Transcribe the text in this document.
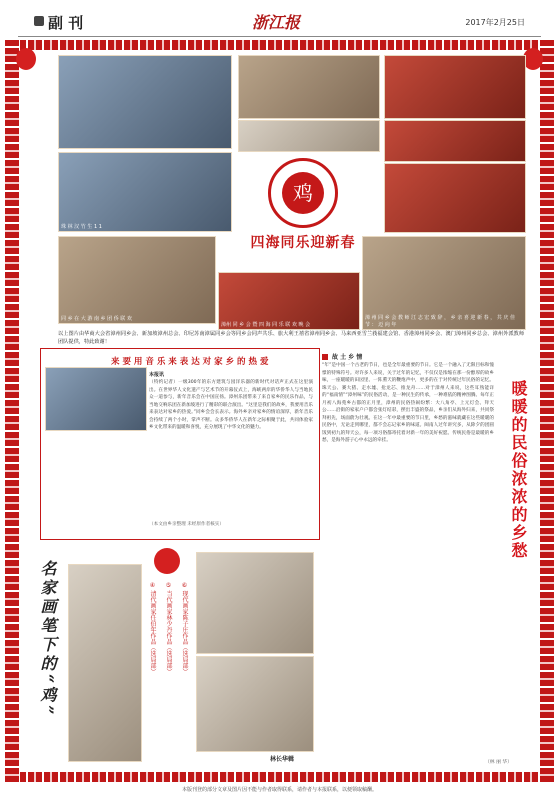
副 刊	浙江报	2017年2月25日
珠 林 汉 竹 生 1 1
鸡
四海同乐迎新春
同 乡 在 大 游 南 乡 团 侨 联 欢
漳州 同 乡 会 暨 四 海 同 乐 联 欢 晚 会
漳 州 同 乡 会 教 师 江 志 宏 致 辞 ， 乡 亲 喜 迎 新 春 ， 共 庆 佳 节 ： 迈 向 年
以上图片由华商大会省漳州同乡会、新加坡漳州总会、印尼苏南漳属同乡会等同乡会同声共乐、旅大利王禧省漳州同乡会、马来西亚雪兰莪福建会馆、香港漳州同乡会、澳门漳州同乡总会、漳州外派教师团队提供，特此致谢！
来 要 用 音 乐 来 表 达 对 家 乡 的 热 爱
本报讯
（特约记者）一级300年的东方建筑与园洋乐器的新时代对话声正式在这里演出。在世界华人文化遗产与艺术节的开幕仪式上，海峡两岸的华侨华人与当地民众一道参与，新年音乐会在中国宣扬。漳州乐团带来了来自家乡的民乐作品，与当地交响乐团在新加坡进行了精彩的联合演出。“这里是我们的故乡，我要用音乐来表达对家乡的热爱。”同乡会会长表示。海外乡亲对家乡的情谊深厚，新年音乐会持续了两个小时，掌声不断。众多华侨华人在新年之际相聚于此，共同体验家乡文化带来的温暖和喜悦，充分展现了中华文化的魅力。
（本文由乡亲整理 未经原作者核实）
故 土 乡 情
“年”是中国一个古老的节日，也是全年最重要的节日。它是一个融入了无限目标和憧憬的特殊符号。对许多人来说，关于过年的记忆，不仅仅是浓缩在那一份醇厚的故乡味，一座暖暖的田园里、一阵熏天的鞭炮声中，更多的在于对传统过年民俗的记忆。珠天公、赛大猪、走水墟、抢龙芯、推龙舟……对于漳州人来说，这些耳熟能详的“福南情”“漳州味”的民俗活动，是一种民生的传承，一种难依的精神图腾。每年正月初八海苑乡古都的正月里，漳州的民俗热闹纷繁：大八角亭、上元灯会、拜天公……沿街的家家户户都会张灯结彩，摆出丰盛的祭品，乡亲们从海外归来，共同祭拜祖先，场面蔚为壮观。在这一年中最重要的节日里，乡愁的滋味就藏在这些暖暖的民俗中，无论走到哪里，都不会忘记家乡的味道。闽南人过年讲究多，从除夕的团圆饭到初九的拜天公，每一项习俗都寄托着对新一年的美好祝愿。传统民俗是最暖的乡愁，是海外游子心中永远的牵挂。
（林 丽 华）
暖暖的民俗
浓浓的乡愁
名家画笔下的“鸡”	④ 清代画家任伯年作品（选局部） ⑤ 当代画家林少丹作品（选局部） ⑥ 现代画家陈子庄作品（选局部）
林长华辑
本版刊登的部分文章及图片因不能与作者取得联系，请作者与本报联系，以便领取稿酬。
